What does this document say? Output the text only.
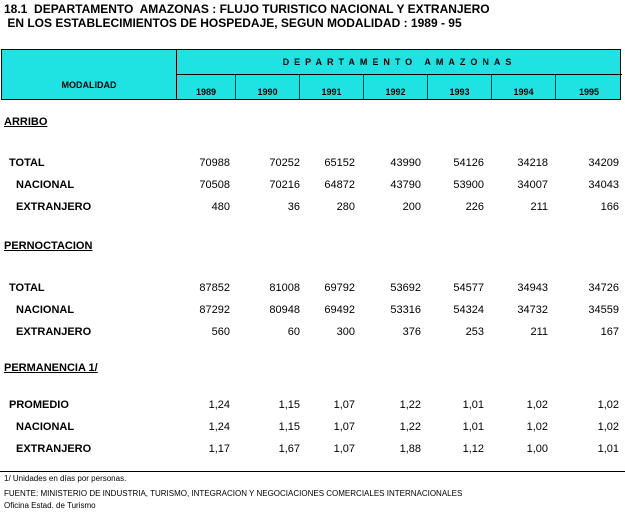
18.1  DEPARTAMENTO  AMAZONAS : FLUJO TURISTICO NACIONAL Y EXTRANJERO
EN LOS ESTABLECIMIENTOS DE HOSPEDAJE, SEGUN MODALIDAD : 1989 - 95
DEPARTAMENTO AMAZONAS
MODALIDAD
1989	1990	1991	1992	1993	1994	1995
ARRIBO
TOTAL	70988	70252	65152	43990	54126	34218	34209
NACIONAL	70508	70216	64872	43790	53900	34007	34043
EXTRANJERO	480	36	280	200	226	211	166
PERNOCTACION
TOTAL	87852	81008	69792	53692	54577	34943	34726
NACIONAL	87292	80948	69492	53316	54324	34732	34559
EXTRANJERO	560	60	300	376	253	211	167
PERMANENCIA 1/
PROMEDIO	1,24	1,15	1,07	1,22	1,01	1,02	1,02
NACIONAL	1,24	1,15	1,07	1,22	1,01	1,02	1,02
EXTRANJERO	1,17	1,67	1,07	1,88	1,12	1,00	1,01
1/ Unidades en días por personas.
FUENTE: MINISTERIO DE INDUSTRIA, TURISMO, INTEGRACION Y NEGOCIACIONES COMERCIALES INTERNACIONALES
Oficina Estad. de Turismo
